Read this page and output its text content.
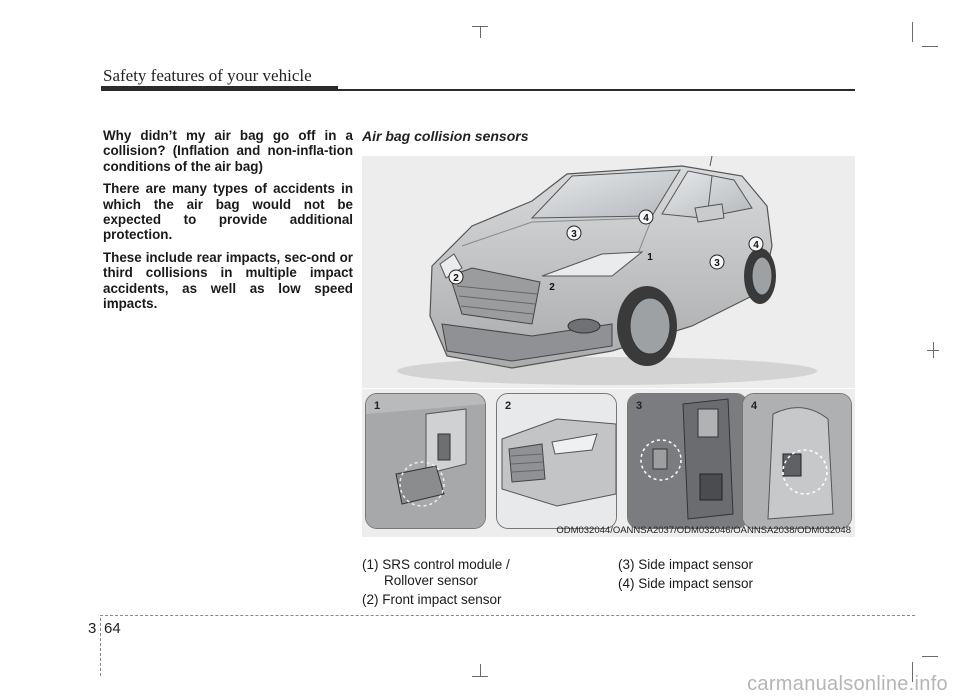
Safety features of your vehicle

Why didn’t my air bag go off in a collision? (Inflation and non-infla-tion conditions of the air bag)

There are many types of accidents in which the air bag would not be expected to provide additional protection.

These include rear impacts, sec-ond or third collisions in multiple impact accidents, as well as low speed impacts.

Air bag collision sensors
2
2
3
4
1
3
4
1	2	3	4
ODM032044/OANNSA2037/ODM032046/OANNSA2038/ODM032048
(1) SRS control module /
Rollover sensor
(2) Front impact sensor
(3) Side impact sensor
(4) Side impact sensor
3 64
carmanualsonline.info
